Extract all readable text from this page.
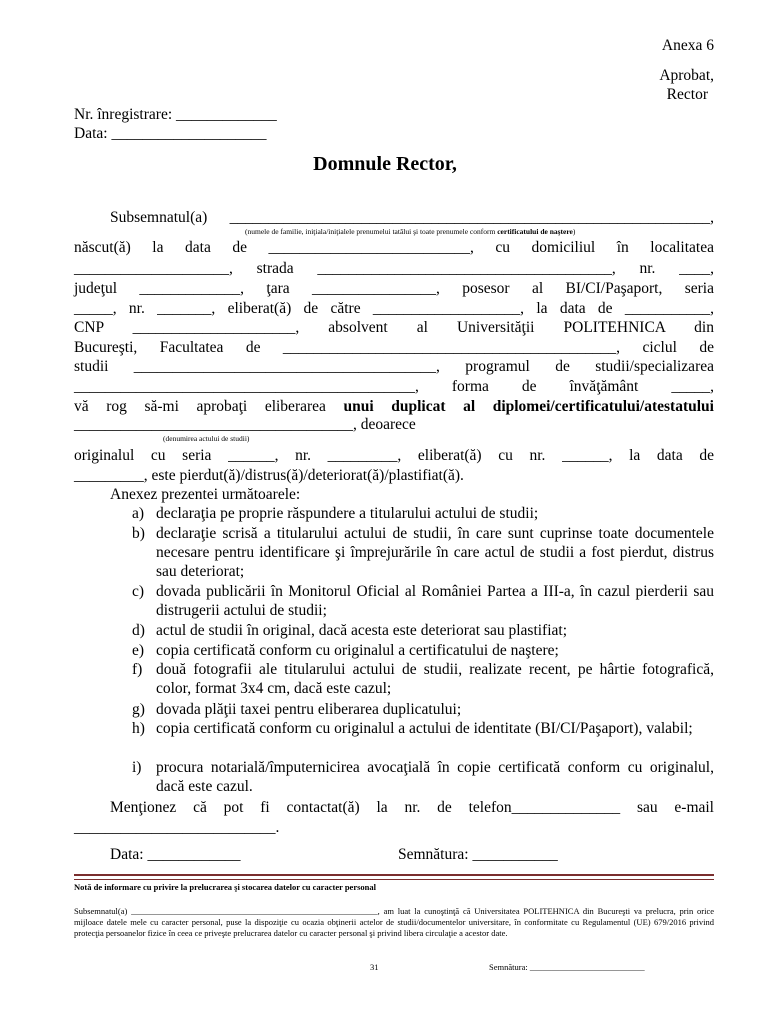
Anexa 6
Aprobat,
Rector
Nr. înregistrare: _____________
Data: ____________________
Domnule Rector,
Subsemnatul(a) ______________________________________________________________,
(numele de familie, iniţiala/iniţialele prenumelui tatălui şi toate prenumele conform certificatului de naştere)
născut(ă) la data de __________________________, cu domiciliul în localitatea
____________________, strada ______________________________________, nr. ____,
judeţul _____________, ţara ________________, posesor al BI/CI/Paşaport, seria
_____, nr. _______, eliberat(ă) de către ___________________, la data de ___________,
CNP _____________________, absolvent al Universităţii POLITEHNICA din
Bucureşti, Facultatea de ___________________________________________, ciclul de
studii _______________________________________, programul de studii/specializarea
____________________________________________, forma de învăţământ _____,
vă rog să-mi aprobaţi eliberarea unui duplicat al diplomei/certificatului/atestatului
____________________________________, deoarece
(denumirea actului de studii)
originalul cu seria ______, nr. _________, eliberat(ă) cu nr. ______, la data de
_________, este pierdut(ă)/distrus(ă)/deteriorat(ă)/plastifiat(ă).
Anexez prezentei următoarele:
a) declaraţia pe proprie răspundere a titularului actului de studii;

b) declaraţie scrisă a titularului actului de studii, în care sunt cuprinse toate documentele necesare pentru identificare şi împrejurările în care actul de studii a fost pierdut, distrus sau deteriorat;

c) dovada publicării în Monitorul Oficial al României Partea a III-a, în cazul pierderii sau distrugerii actului de studii;

d) actul de studii în original, dacă acesta este deteriorat sau plastifiat;

e) copia certificată conform cu originalul a certificatului de naştere;

f) două fotografii ale titularului actului de studii, realizate recent, pe hârtie fotografică, color, format 3x4 cm, dacă este cazul;

g) dovada plăţii taxei pentru eliberarea duplicatului;

h) copia certificată conform cu originalul a actului de identitate (BI/CI/Paşaport), valabil;

i) procura notarială/împuternicirea avocaţială în copie certificată conform cu originalul, dacă este cazul.

Menţionez că pot fi contactat(ă) la nr. de telefon______________ sau e-mail
__________________________.
Data: ____________	Semnătura: ___________
Notă de informare cu privire la prelucrarea şi stocarea datelor cu caracter personal
Subsemnatul(a) __________________________________________________________, am luat la cunoştinţă că Universitatea POLITEHNICA din Bucureşti va prelucra, prin orice mijloace datele mele cu caracter personal, puse la dispoziţie cu ocazia obţinerii actelor de studii/documentelor universitare, în conformitate cu Regulamentul (UE) 679/2016 privind protecţia persoanelor fizice în ceea ce priveşte prelucrarea datelor cu caracter personal şi privind libera circulaţie a acestor date.
31	Semnătura: ___________________________
